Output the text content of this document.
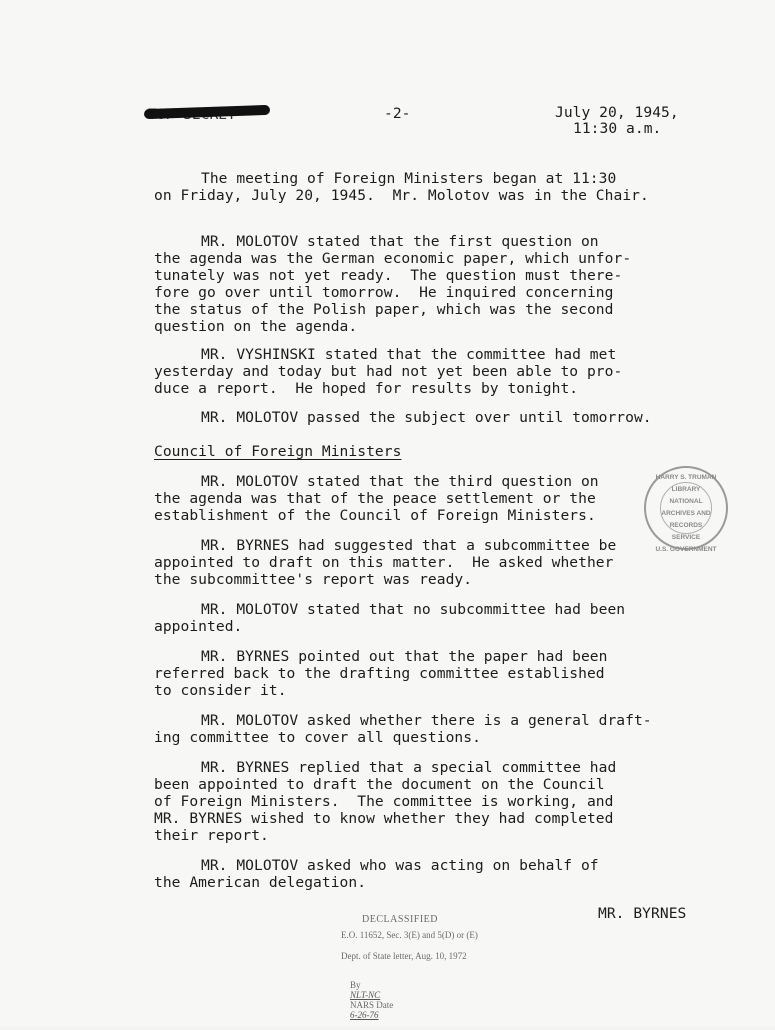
-2-	July 20, 1945,
11:30 a.m.
The meeting of Foreign Ministers began at 11:30
on Friday, July 20, 1945.  Mr. Molotov was in the Chair.
MR. MOLOTOV stated that the first question on
the agenda was the German economic paper, which unfor-
tunately was not yet ready.  The question must there-
fore go over until tomorrow.  He inquired concerning
the status of the Polish paper, which was the second
question on the agenda.
MR. VYSHINSKI stated that the committee had met
yesterday and today but had not yet been able to pro-
duce a report.  He hoped for results by tonight.
MR. MOLOTOV passed the subject over until tomorrow.
Council of Foreign Ministers
MR. MOLOTOV stated that the third question on
the agenda was that of the peace settlement or the
establishment of the Council of Foreign Ministers.
MR. BYRNES had suggested that a subcommittee be
appointed to draft on this matter.  He asked whether
the subcommittee's report was ready.
MR. MOLOTOV stated that no subcommittee had been
appointed.
MR. BYRNES pointed out that the paper had been
referred back to the drafting committee established
to consider it.
MR. MOLOTOV asked whether there is a general draft-
ing committee to cover all questions.
MR. BYRNES replied that a special committee had
been appointed to draft the document on the Council
of Foreign Ministers.  The committee is working, and
MR. BYRNES wished to know whether they had completed
their report.
MR. MOLOTOV asked who was acting on behalf of
the American delegation.
MR. BYRNES
HARRY S. TRUMAN LIBRARY
NATIONAL
ARCHIVES AND
RECORDS
SERVICE
U.S. GOVERNMENT
DECLASSIFIED
E.O. 11652, Sec. 3(E) and 5(D) or (E)
Dept. of State letter, Aug. 10, 1972

By
NLT-NC
NARS Date
6-26-76
